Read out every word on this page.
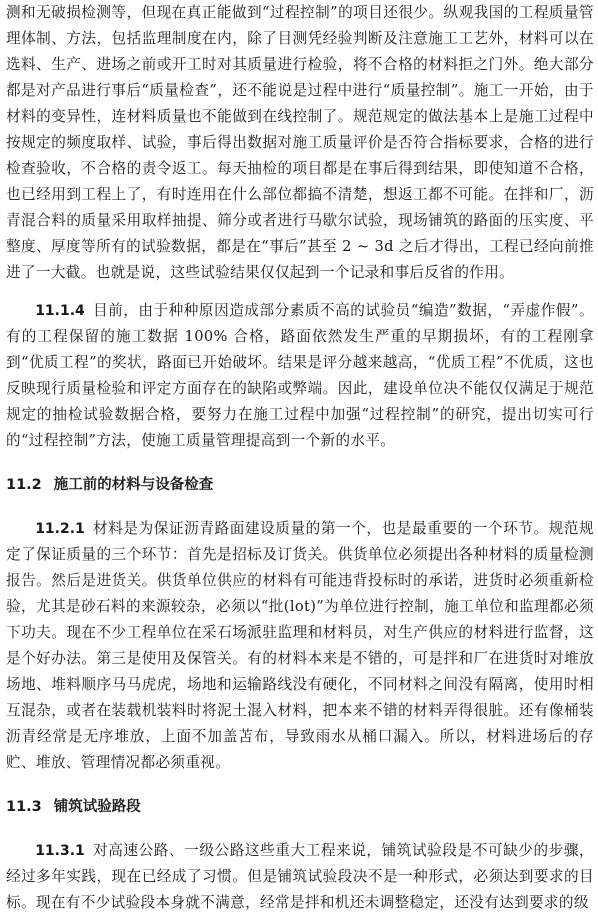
测和无破损检测等，但现在真正能做到“过程控制”的项目还很少。纵观我国的工程质量管理体制、方法，包括监理制度在内，除了目测凭经验判断及注意施工工艺外，材料可以在选料、生产、进场之前或开工时对其质量进行检验，将不合格的材料拒之门外。绝大部分都是对产品进行事后“质量检查”，还不能说是过程中进行“质量控制”。施工一开始，由于材料的变异性，连材料质量也不能做到在线控制了。规范规定的做法基本上是施工过程中按规定的频度取样、试验，事后得出数据对施工质量评价是否符合指标要求，合格的进行检查验收，不合格的责令返工。每天抽检的项目都是在事后得到结果，即使知道不合格，也已经用到工程上了，有时连用在什么部位都搞不清楚，想返工都不可能。在拌和厂，沥青混合料的质量采用取样抽提、筛分或者进行马歇尔试验，现场铺筑的路面的压实度、平整度、厚度等所有的试验数据，都是在“事后”甚至 2 ~ 3d 之后才得出，工程已经向前推进了一大截。也就是说，这些试验结果仅仅起到一个记录和事后反省的作用。

11.1.4 目前，由于种种原因造成部分素质不高的试验员“编造”数据，“弄虚作假”。有的工程保留的施工数据 100% 合格，路面依然发生严重的早期损坏，有的工程刚拿到“优质工程”的奖状，路面已开始破坏。结果是评分越来越高，“优质工程”不优质，这也反映现行质量检验和评定方面存在的缺陷或弊端。因此，建设单位决不能仅仅满足于规范规定的抽检试验数据合格，要努力在施工过程中加强“过程控制”的研究，提出切实可行的“过程控制”方法，使施工质量管理提高到一个新的水平。

11.2 施工前的材料与设备检查

11.2.1 材料是为保证沥青路面建设质量的第一个，也是最重要的一个环节。规范规定了保证质量的三个环节：首先是招标及订货关。供货单位必须提出各种材料的质量检测报告。然后是进货关。供货单位供应的材料有可能违背投标时的承诺，进货时必须重新检验，尤其是砂石料的来源较杂，必须以“批(lot)”为单位进行控制，施工单位和监理都必须下功夫。现在不少工程单位在采石场派驻监理和材料员，对生产供应的材料进行监督，这是个好办法。第三是使用及保管关。有的材料本来是不错的，可是拌和厂在进货时对堆放场地、堆料顺序马马虎虎，场地和运输路线没有硬化，不同材料之间没有隔离，使用时相互混杂，或者在装载机装料时将泥土混入材料，把本来不错的材料弄得很脏。还有像桶装沥青经常是无序堆放，上面不加盖苫布，导致雨水从桶口漏入。所以，材料进场后的存贮、堆放、管理情况都必须重视。

11.3 铺筑试验路段

11.3.1 对高速公路、一级公路这些重大工程来说，铺筑试验段是不可缺少的步骤，经过多年实践，现在已经成了习惯。但是铺筑试验段决不是一种形式，必须达到要求的目标。现在有不少试验段本身就不满意，经常是拌和机还未调整稳定，还没有达到要求的级
